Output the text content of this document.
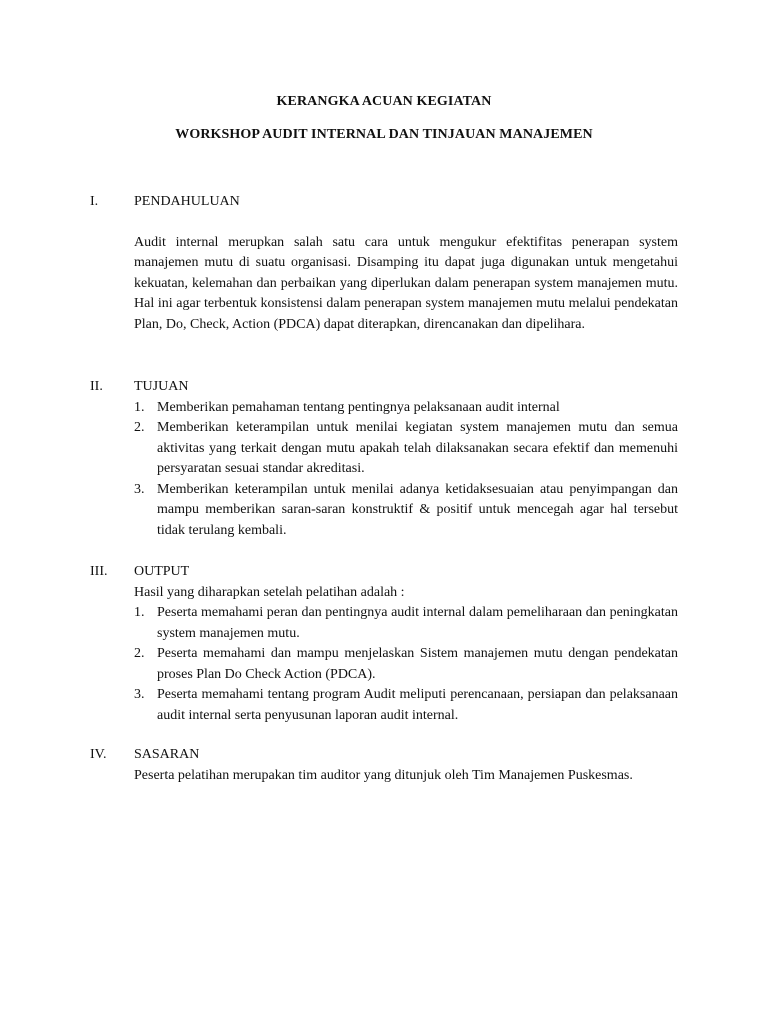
KERANGKA ACUAN KEGIATAN
WORKSHOP AUDIT INTERNAL DAN TINJAUAN MANAJEMEN
I.	PENDAHULUAN
Audit internal merupkan salah satu cara untuk mengukur efektifitas penerapan system manajemen mutu di suatu organisasi. Disamping itu dapat juga digunakan untuk mengetahui kekuatan, kelemahan dan perbaikan yang diperlukan dalam penerapan system manajemen mutu. Hal ini agar terbentuk konsistensi dalam penerapan system manajemen mutu melalui pendekatan Plan, Do, Check, Action (PDCA) dapat diterapkan, direncanakan dan dipelihara.
II.	TUJUAN
1. Memberikan pemahaman tentang pentingnya pelaksanaan audit internal
2. Memberikan keterampilan untuk menilai kegiatan system manajemen mutu dan semua aktivitas yang terkait dengan mutu apakah telah dilaksanakan secara efektif dan memenuhi persyaratan sesuai standar akreditasi.
3. Memberikan keterampilan untuk menilai adanya ketidaksesuaian atau penyimpangan dan mampu memberikan saran-saran konstruktif & positif untuk mencegah agar hal tersebut tidak terulang kembali.
III.	OUTPUT
Hasil yang diharapkan setelah pelatihan adalah :
1. Peserta memahami peran dan pentingnya audit internal dalam pemeliharaan dan peningkatan system manajemen mutu.
2. Peserta memahami dan mampu menjelaskan Sistem manajemen mutu dengan pendekatan proses Plan Do Check Action (PDCA).
3. Peserta memahami tentang program Audit meliputi perencanaan, persiapan dan pelaksanaan audit internal serta penyusunan laporan audit internal.
IV.	SASARAN
Peserta pelatihan merupakan tim auditor yang ditunjuk oleh Tim Manajemen Puskesmas.
